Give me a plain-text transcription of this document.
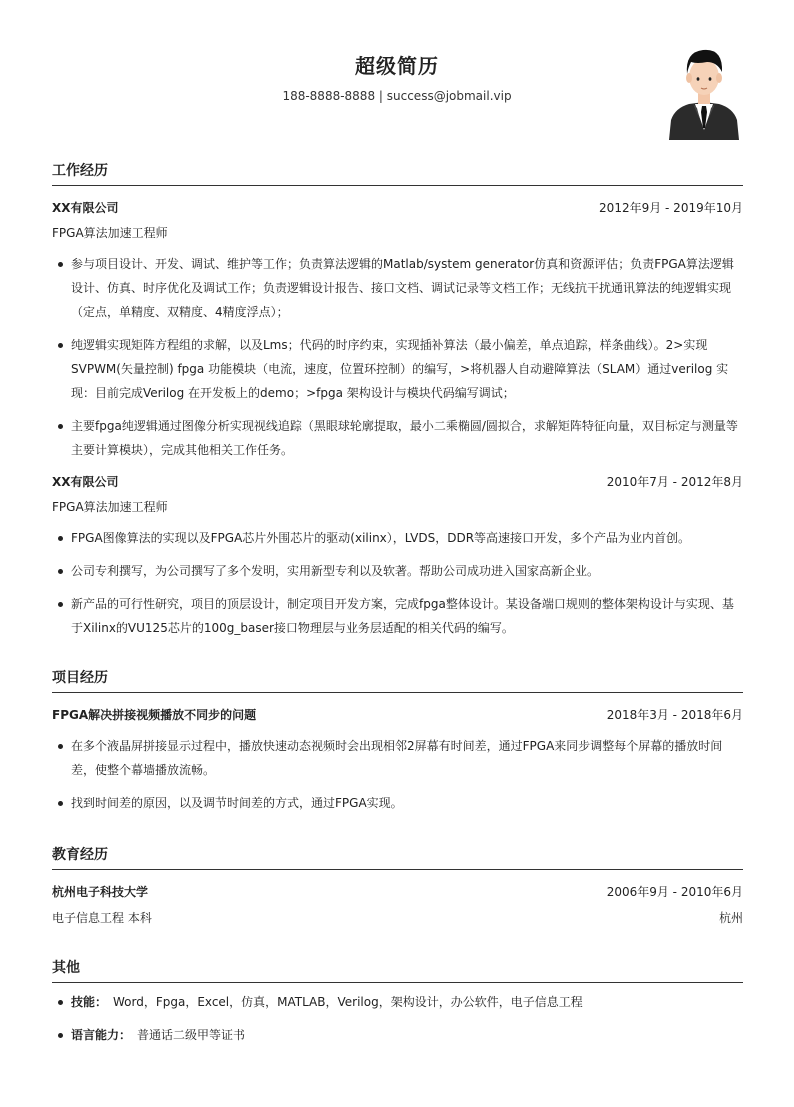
超级简历
188-8888-8888 | success@jobmail.vip
工作经历
XX有限公司	2012年9月 - 2019年10月
FPGA算法加速工程师
参与项目设计、开发、调试、维护等工作；负责算法逻辑的Matlab/system generator仿真和资源评估；负责FPGA算法逻辑设计、仿真、时序优化及调试工作；负责逻辑设计报告、接口文档、调试记录等文档工作；无线抗干扰通讯算法的纯逻辑实现（定点，单精度、双精度、4精度浮点）；
纯逻辑实现矩阵方程组的求解，以及Lms；代码的时序约束，实现插补算法（最小偏差，单点追踪，样条曲线）。2>实现SVPWM(矢量控制) fpga 功能模块（电流，速度，位置环控制）的编写，>将机器人自动避障算法（SLAM）通过verilog 实现：目前完成Verilog 在开发板上的demo；>fpga 架构设计与模块代码编写调试；
主要fpga纯逻辑通过图像分析实现视线追踪（黑眼球轮廓提取，最小二乘椭圆/圆拟合，求解矩阵特征向量，双目标定与测量等主要计算模块），完成其他相关工作任务。
XX有限公司	2010年7月 - 2012年8月
FPGA算法加速工程师
FPGA图像算法的实现以及FPGA芯片外围芯片的驱动(xilinx），LVDS，DDR等高速接口开发，多个产品为业内首创。
公司专利撰写，为公司撰写了多个发明，实用新型专利以及软著。帮助公司成功进入国家高新企业。
新产品的可行性研究，项目的顶层设计，制定项目开发方案，完成fpga整体设计。某设备端口规则的整体架构设计与实现、基于Xilinx的VU125芯片的100g_baser接口物理层与业务层适配的相关代码的编写。
项目经历
FPGA解决拼接视频播放不同步的问题	2018年3月 - 2018年6月
在多个液晶屏拼接显示过程中，播放快速动态视频时会出现相邻2屏幕有时间差，通过FPGA来同步调整每个屏幕的播放时间差，使整个幕墙播放流畅。
找到时间差的原因，以及调节时间差的方式，通过FPGA实现。
教育经历
杭州电子科技大学	2006年9月 - 2010年6月
电子信息工程 本科	杭州
其他
技能： Word，Fpga，Excel，仿真，MATLAB，Verilog，架构设计，办公软件，电子信息工程
语言能力： 普通话二级甲等证书
